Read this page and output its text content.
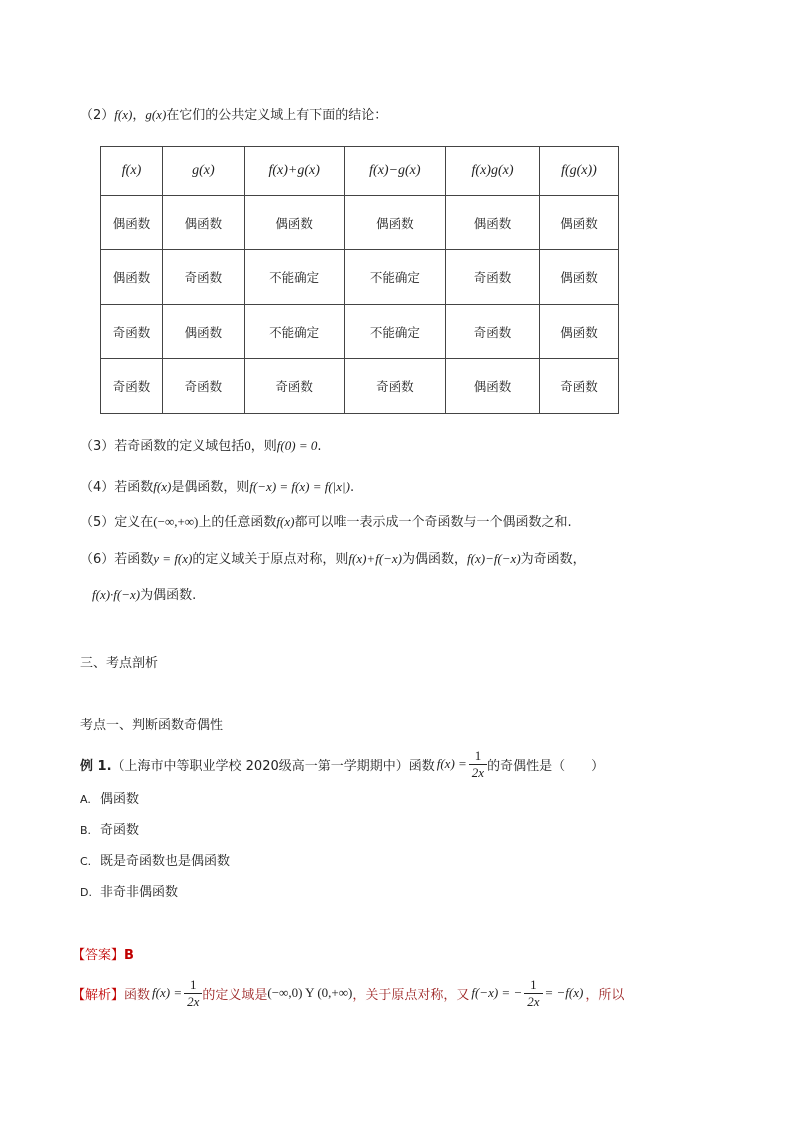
（2）f(x)，g(x)在它们的公共定义域上有下面的结论：
f(x)	g(x)	f(x)+g(x)	f(x)−g(x)	f(x)g(x)	f(g(x))
偶函数	偶函数	偶函数	偶函数	偶函数	偶函数
偶函数	奇函数	不能确定	不能确定	奇函数	偶函数
奇函数	偶函数	不能确定	不能确定	奇函数	偶函数
奇函数	奇函数	奇函数	奇函数	偶函数	奇函数
（3）若奇函数的定义域包括0，则f(0) = 0.
（4）若函数f(x)是偶函数，则f(−x) = f(x) = f(|x|).
（5）定义在(−∞,+∞)上的任意函数f(x)都可以唯一表示成一个奇函数与一个偶函数之和.
（6）若函数y = f(x)的定义域关于原点对称，则f(x)+f(−x)为偶函数，f(x)−f(−x)为奇函数，
f(x)·f(−x)为偶函数.
三、考点剖析
考点一、判断函数奇偶性
例 1. （上海市中等职业学校 2020级高一第一学期期中）函数 $f(x) = \frac{1}{2x}$ 的奇偶性是（　　）
A. 偶函数
B. 奇函数
C. 既是奇函数也是偶函数
D. 非奇非偶函数
【答案】B
【解析】 函数 $f(x) = \frac{1}{2x}$ 的定义域是 (−∞,0) Y (0,+∞) ，关于原点对称，又 f(−x) = − $\frac{1}{2x} = -f(x)$ ，所以
